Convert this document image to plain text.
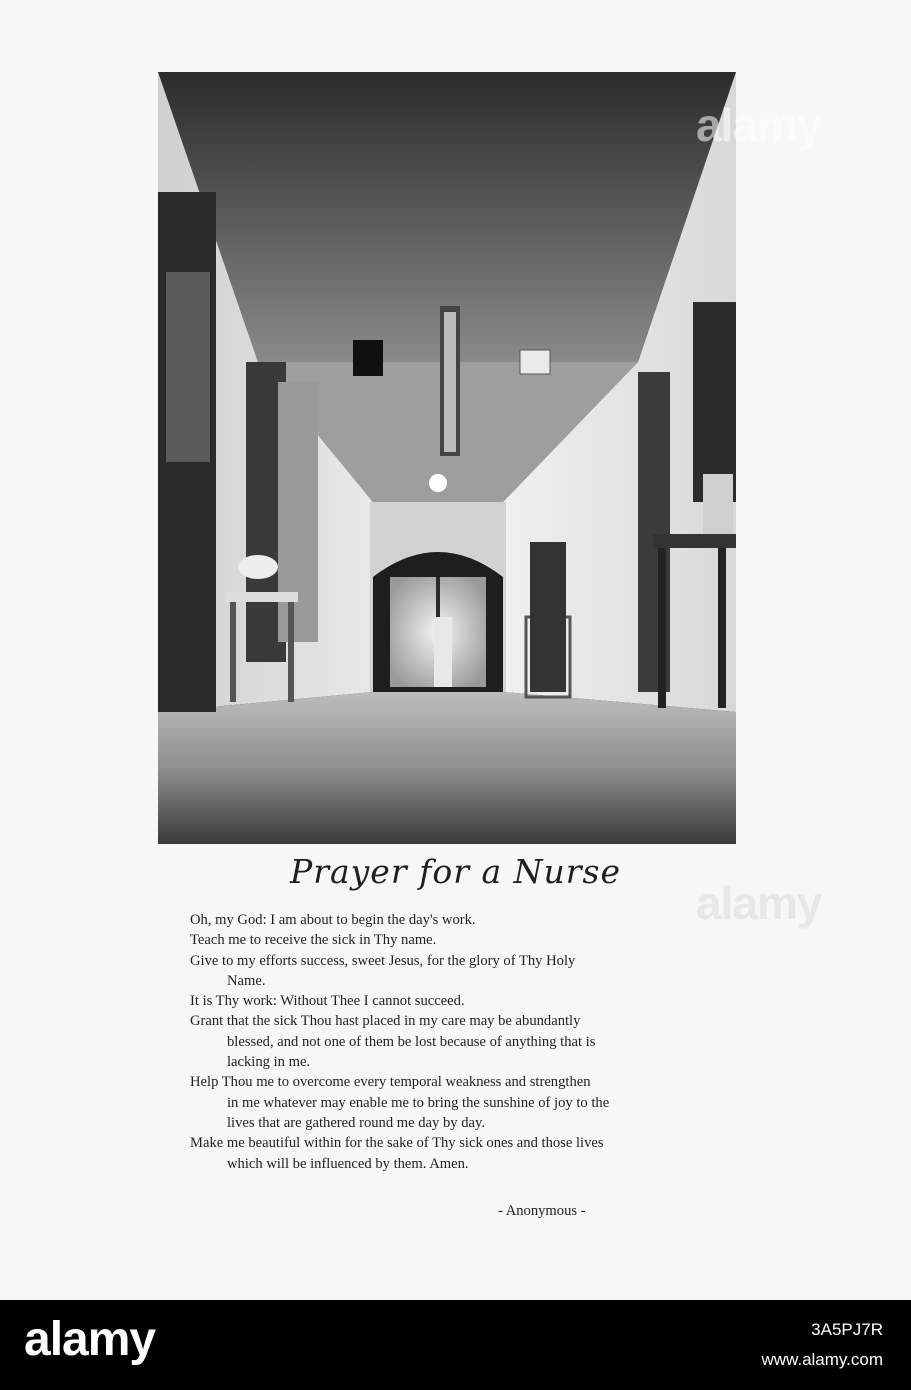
Prayer for a Nurse
Oh, my God: I am about to begin the day's work.
Teach me to receive the sick in Thy name.
Give to my efforts success, sweet Jesus, for the glory of Thy Holy
Name.
It is Thy work: Without Thee I cannot succeed.
Grant that the sick Thou hast placed in my care may be abundantly
blessed, and not one of them be lost because of anything that is
lacking in me.
Help Thou me to overcome every temporal weakness and strengthen
in me whatever may enable me to bring the sunshine of joy to the
lives that are gathered round me day by day.
Make me beautiful within for the sake of Thy sick ones and those lives
which will be influenced by them. Amen.
- Anonymous -
alamy
alamy
alamy	3A5PJ7R
www.alamy.com
